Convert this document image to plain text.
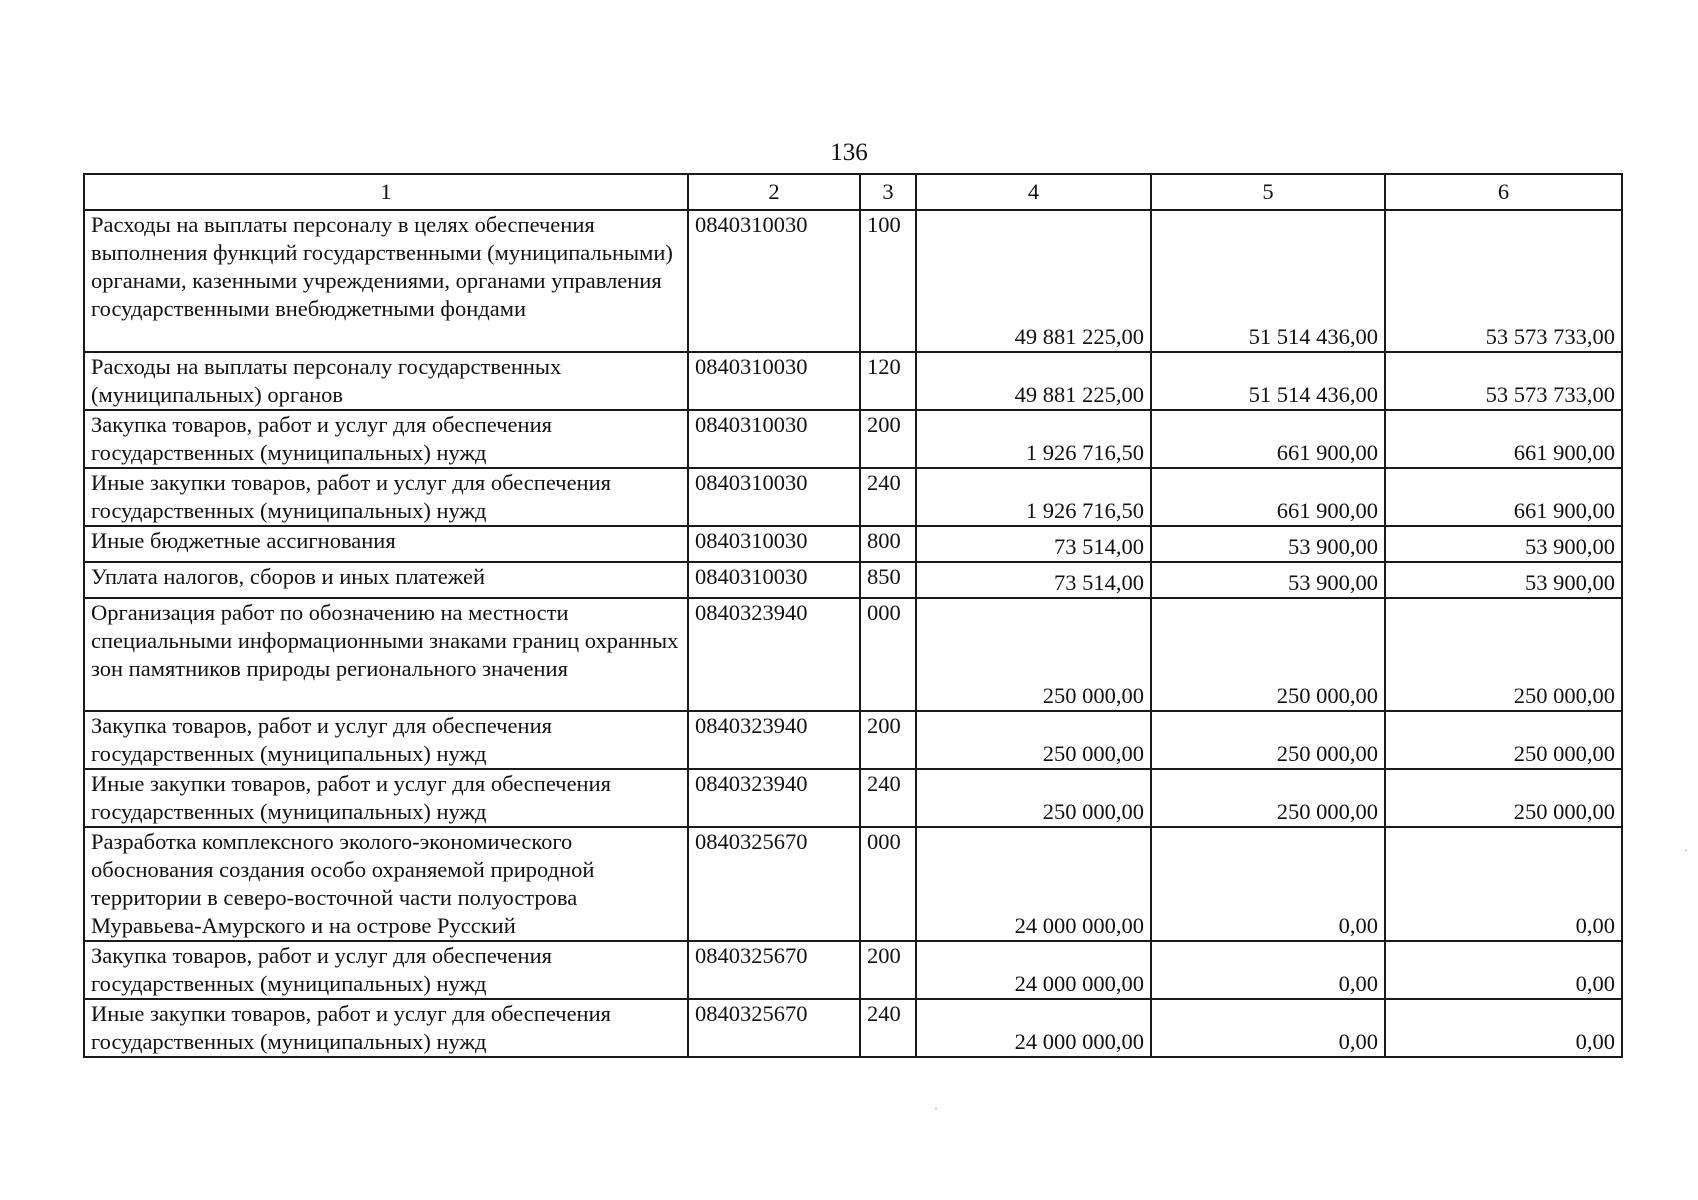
136
1	2	3	4	5	6
Расходы на выплаты персоналу в целях обеспечения выполнения функций государственными (муниципальными) органами, казенными учреждениями, органами управления государственными внебюджетными фондами	0840310030	100	49 881 225,00	51 514 436,00	53 573 733,00
Расходы на выплаты персоналу государственных (муниципальных) органов	0840310030	120	49 881 225,00	51 514 436,00	53 573 733,00
Закупка товаров, работ и услуг для обеспечения государственных (муниципальных) нужд	0840310030	200	1 926 716,50	661 900,00	661 900,00
Иные закупки товаров, работ и услуг для обеспечения государственных (муниципальных) нужд	0840310030	240	1 926 716,50	661 900,00	661 900,00
Иные бюджетные ассигнования	0840310030	800	73 514,00	53 900,00	53 900,00
Уплата налогов, сборов и иных платежей	0840310030	850	73 514,00	53 900,00	53 900,00
Организация работ по обозначению на местности специальными информационными знаками границ охранных зон памятников природы регионального значения	0840323940	000	250 000,00	250 000,00	250 000,00
Закупка товаров, работ и услуг для обеспечения государственных (муниципальных) нужд	0840323940	200	250 000,00	250 000,00	250 000,00
Иные закупки товаров, работ и услуг для обеспечения государственных (муниципальных) нужд	0840323940	240	250 000,00	250 000,00	250 000,00
Разработка комплексного эколого-экономического обоснования создания особо охраняемой природной территории в северо-восточной части полуострова Муравьева-Амурского и на острове Русский	0840325670	000	24 000 000,00	0,00	0,00
Закупка товаров, работ и услуг для обеспечения государственных (муниципальных) нужд	0840325670	200	24 000 000,00	0,00	0,00
Иные закупки товаров, работ и услуг для обеспечения государственных (муниципальных) нужд	0840325670	240	24 000 000,00	0,00	0,00
